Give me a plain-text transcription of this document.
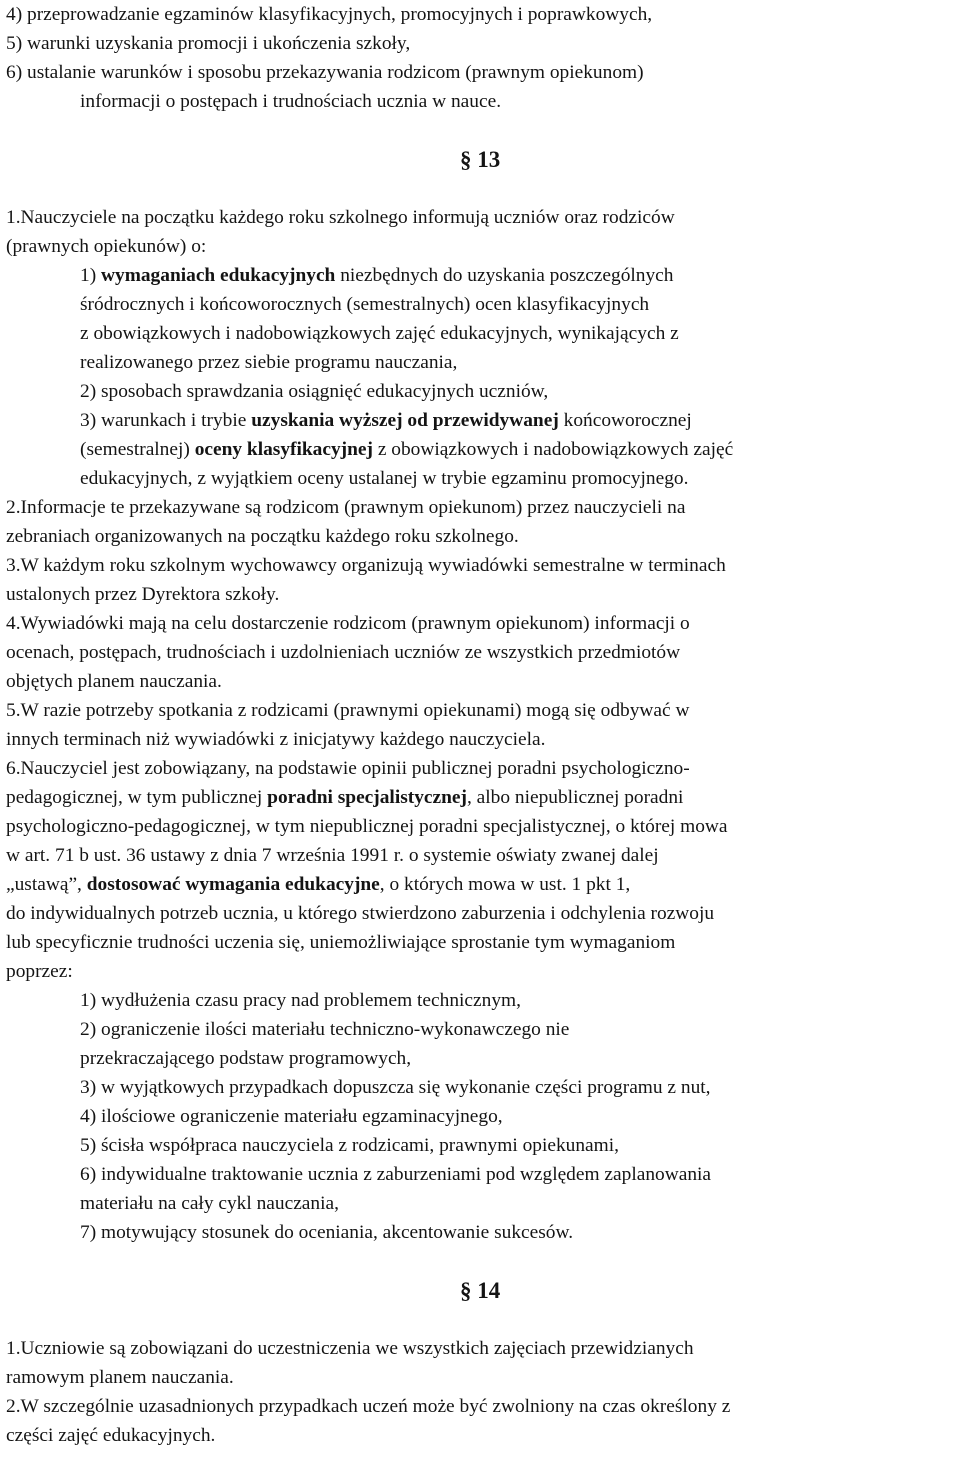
4) przeprowadzanie egzaminów klasyfikacyjnych, promocyjnych i poprawkowych,
5) warunki uzyskania promocji i ukończenia szkoły,
6) ustalanie warunków i sposobu przekazywania rodzicom (prawnym opiekunom)
informacji o postępach i trudnościach ucznia w nauce.
§ 13
1.Nauczyciele na początku każdego roku szkolnego informują uczniów oraz rodziców
(prawnych opiekunów) o:
1) wymaganiach edukacyjnych niezbędnych do uzyskania poszczególnych
śródrocznych i końcoworocznych (semestralnych) ocen klasyfikacyjnych
z obowiązkowych i nadobowiązkowych zajęć edukacyjnych, wynikających z
realizowanego przez siebie programu nauczania,
2) sposobach sprawdzania osiągnięć edukacyjnych uczniów,
3) warunkach i trybie uzyskania wyższej od przewidywanej końcoworocznej
(semestralnej) oceny klasyfikacyjnej z obowiązkowych i nadobowiązkowych zajęć
edukacyjnych, z wyjątkiem oceny ustalanej w trybie egzaminu promocyjnego.
2.Informacje te przekazywane są rodzicom (prawnym opiekunom) przez nauczycieli na
zebraniach organizowanych na początku każdego roku szkolnego.
3.W każdym roku szkolnym wychowawcy organizują wywiadówki semestralne w terminach
ustalonych przez Dyrektora szkoły.
4.Wywiadówki mają na celu dostarczenie rodzicom (prawnym opiekunom) informacji o
ocenach, postępach, trudnościach i uzdolnieniach uczniów ze wszystkich przedmiotów
objętych planem nauczania.
5.W razie potrzeby spotkania z rodzicami (prawnymi opiekunami) mogą się odbywać w
innych terminach niż wywiadówki z inicjatywy każdego nauczyciela.
6.Nauczyciel jest zobowiązany, na podstawie opinii publicznej poradni psychologiczno-
pedagogicznej, w tym publicznej poradni specjalistycznej, albo niepublicznej poradni
psychologiczno-pedagogicznej, w tym niepublicznej poradni specjalistycznej, o której mowa
w art. 71 b ust. 36 ustawy z dnia 7 września 1991 r. o systemie oświaty zwanej dalej
„ustawą”, dostosować wymagania edukacyjne, o których mowa w ust. 1 pkt 1,
do indywidualnych potrzeb ucznia, u którego stwierdzono zaburzenia i odchylenia rozwoju
lub specyficznie trudności uczenia się, uniemożliwiające sprostanie tym wymaganiom
poprzez:
1) wydłużenia czasu pracy nad problemem technicznym,
2) ograniczenie ilości materiału techniczno-wykonawczego nie
przekraczającego podstaw programowych,
3) w wyjątkowych przypadkach dopuszcza się wykonanie części programu z nut,
4) ilościowe ograniczenie materiału egzaminacyjnego,
5) ścisła współpraca nauczyciela z rodzicami, prawnymi opiekunami,
6) indywidualne traktowanie ucznia z zaburzeniami pod względem zaplanowania
materiału na cały cykl nauczania,
7) motywujący stosunek do oceniania, akcentowanie sukcesów.
§ 14
1.Uczniowie są zobowiązani do uczestniczenia we wszystkich zajęciach przewidzianych
ramowym planem nauczania.
2.W szczególnie uzasadnionych przypadkach uczeń może być zwolniony na czas określony z
części zajęć edukacyjnych.
